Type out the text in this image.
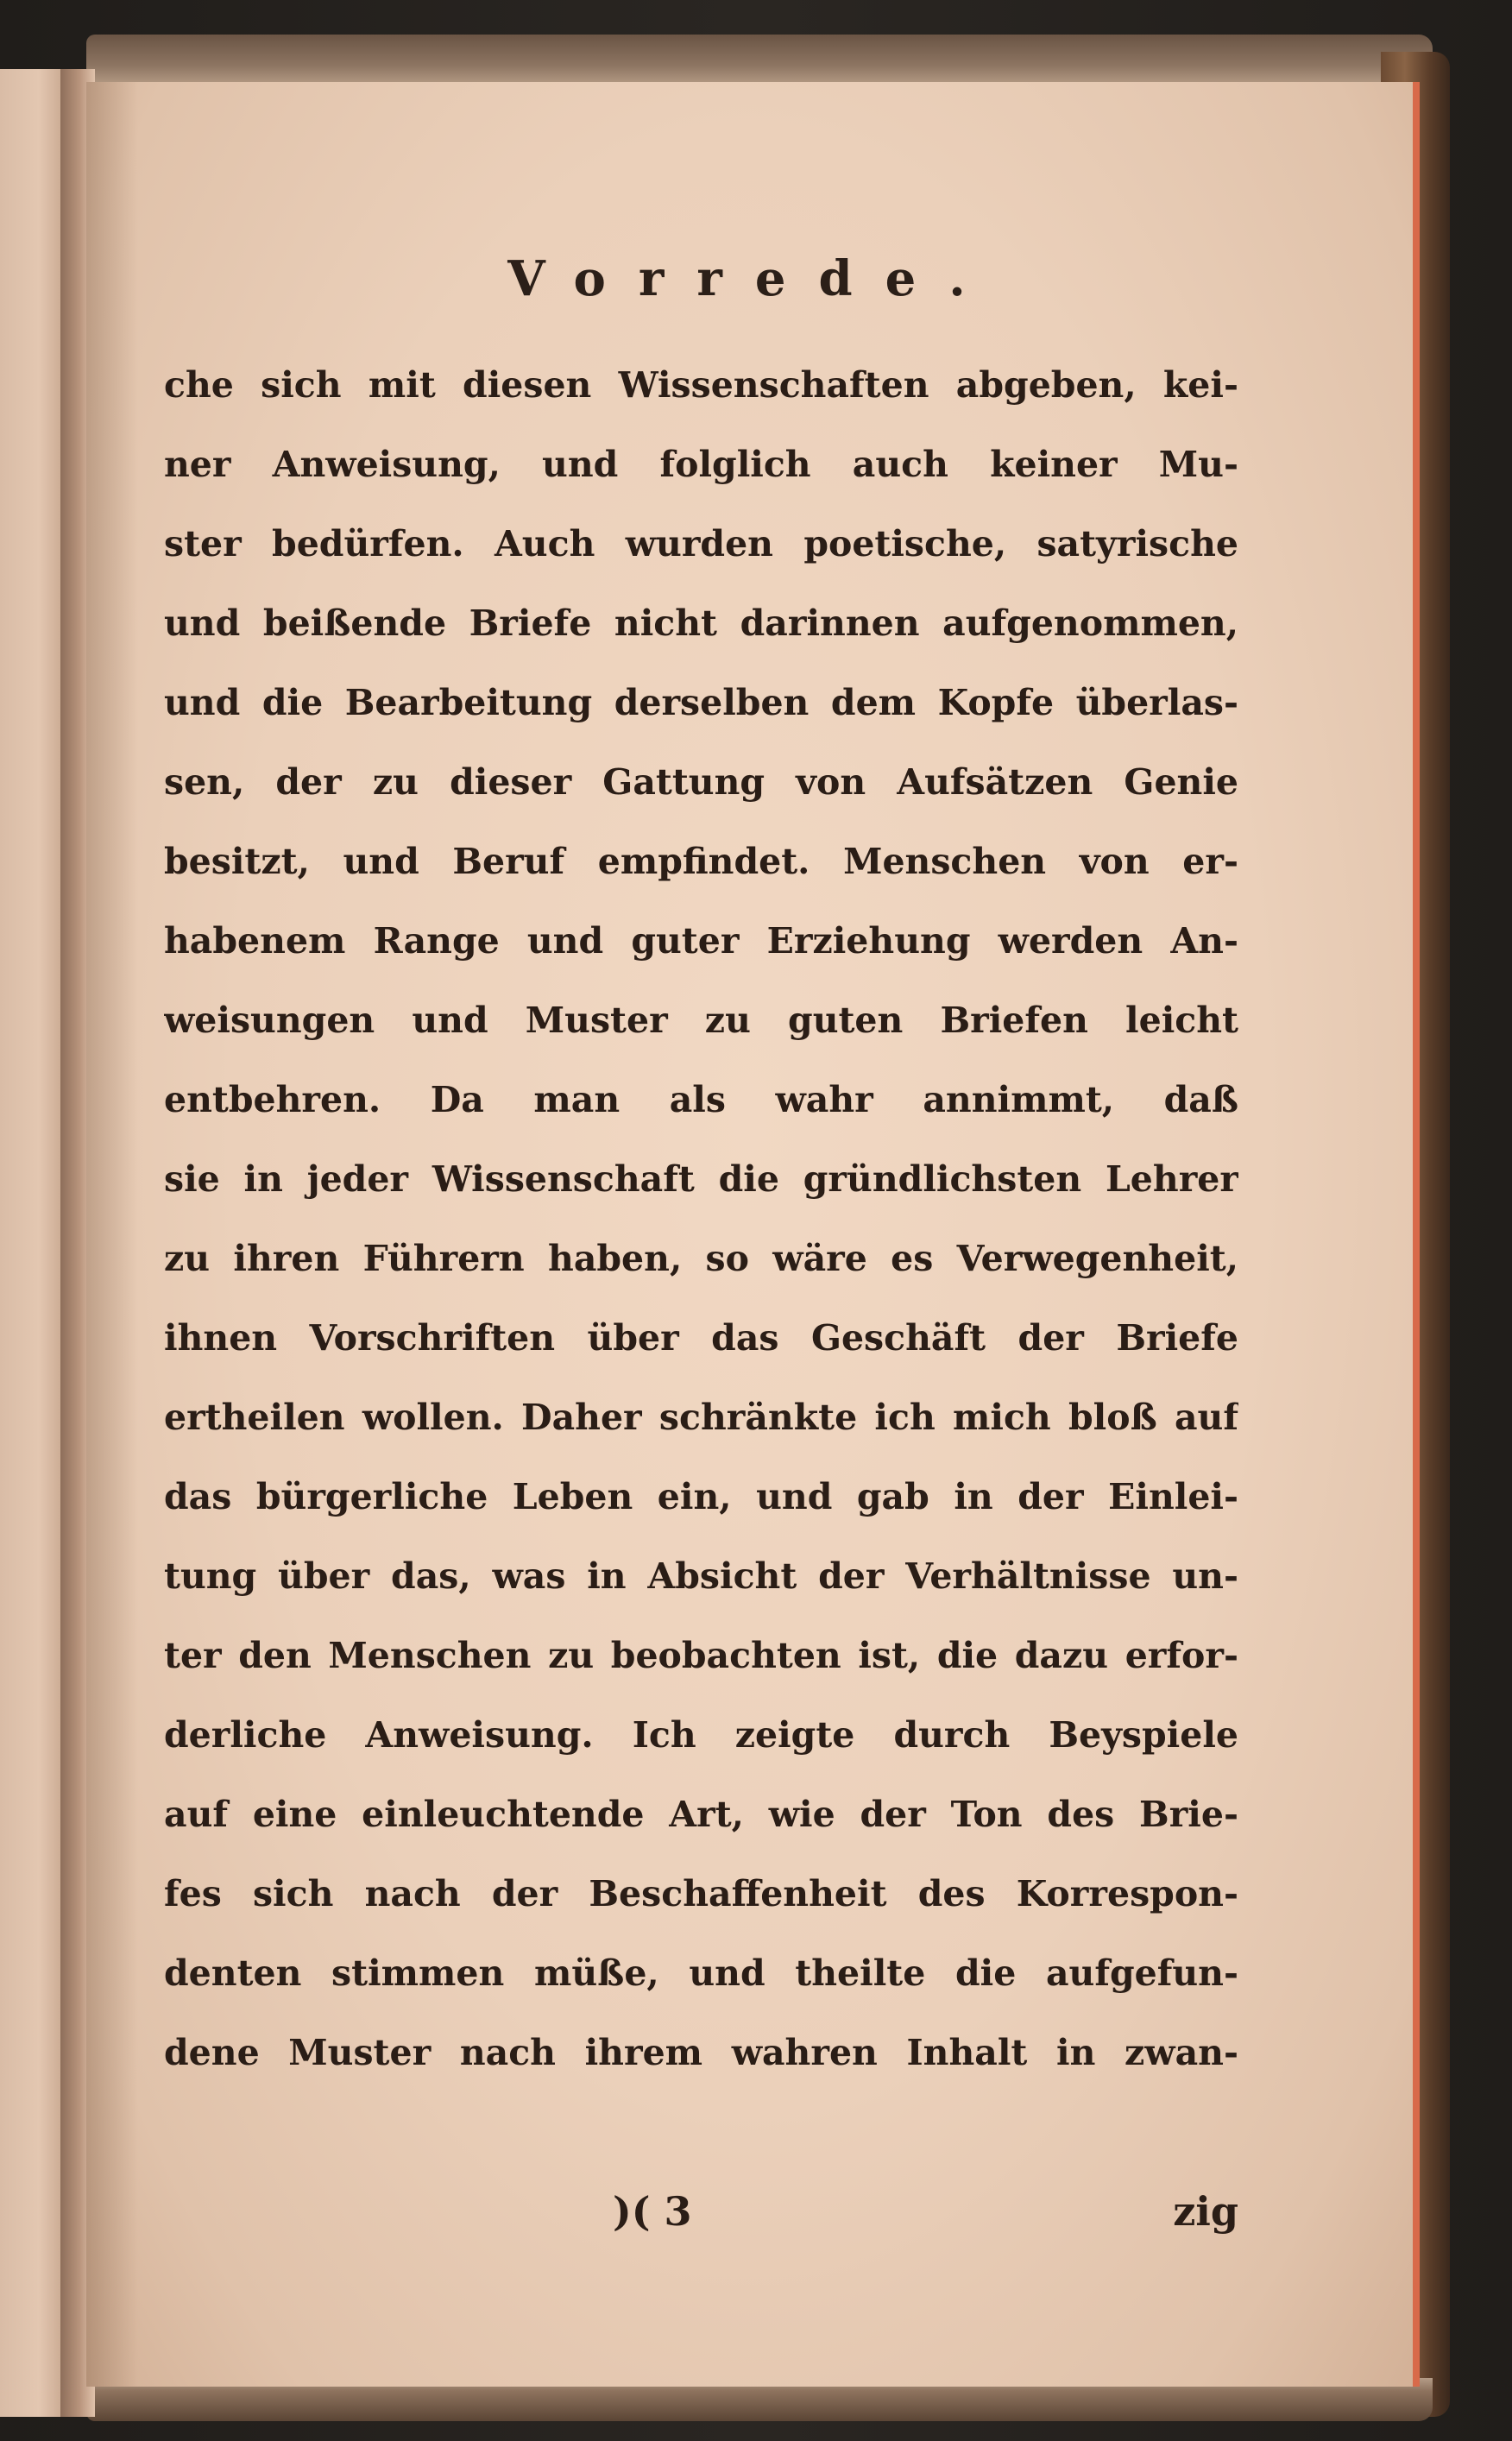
Vorrede.
che sich mit diesen Wissenschaften abgeben, kei-
ner Anweisung, und folglich auch keiner Mu-
ster bedürfen. Auch wurden poetische, satyrische
und beißende Briefe nicht darinnen aufgenommen,
und die Bearbeitung derselben dem Kopfe überlas-
sen, der zu dieser Gattung von Aufsätzen Genie
besitzt, und Beruf empfindet. Menschen von er-
habenem Range und guter Erziehung werden An-
weisungen und Muster zu guten Briefen leicht
entbehren. Da man als wahr annimmt, daß
sie in jeder Wissenschaft die gründlichsten Lehrer
zu ihren Führern haben, so wäre es Verwegenheit,
ihnen Vorschriften über das Geschäft der Briefe
ertheilen wollen. Daher schränkte ich mich bloß auf
das bürgerliche Leben ein, und gab in der Einlei-
tung über das, was in Absicht der Verhältnisse un-
ter den Menschen zu beobachten ist, die dazu erfor-
derliche Anweisung. Ich zeigte durch Beyspiele
auf eine einleuchtende Art, wie der Ton des Brie-
fes sich nach der Beschaffenheit des Korrespon-
denten stimmen müße, und theilte die aufgefun-
dene Muster nach ihrem wahren Inhalt in zwan-
)( 3	zig
